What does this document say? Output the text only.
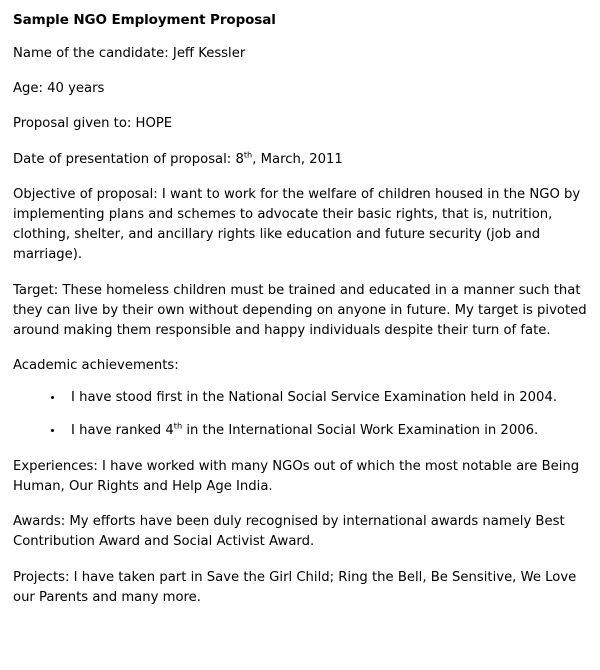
Sample NGO Employment Proposal

Name of the candidate: Jeff Kessler

Age: 40 years

Proposal given to: HOPE

Date of presentation of proposal: 8th, March, 2011

Objective of proposal: I want to work for the welfare of children housed in the NGO by implementing plans and schemes to advocate their basic rights, that is, nutrition, clothing, shelter, and ancillary rights like education and future security (job and marriage).

Target: These homeless children must be trained and educated in a manner such that they can live by their own without depending on anyone in future. My target is pivoted around making them responsible and happy individuals despite their turn of fate.

Academic achievements:

I have stood first in the National Social Service Examination held in 2004.
I have ranked 4th in the International Social Work Examination in 2006.

Experiences: I have worked with many NGOs out of which the most notable are Being Human, Our Rights and Help Age India.

Awards: My efforts have been duly recognised by international awards namely Best Contribution Award and Social Activist Award.

Projects: I have taken part in Save the Girl Child; Ring the Bell, Be Sensitive, We Love our Parents and many more.
